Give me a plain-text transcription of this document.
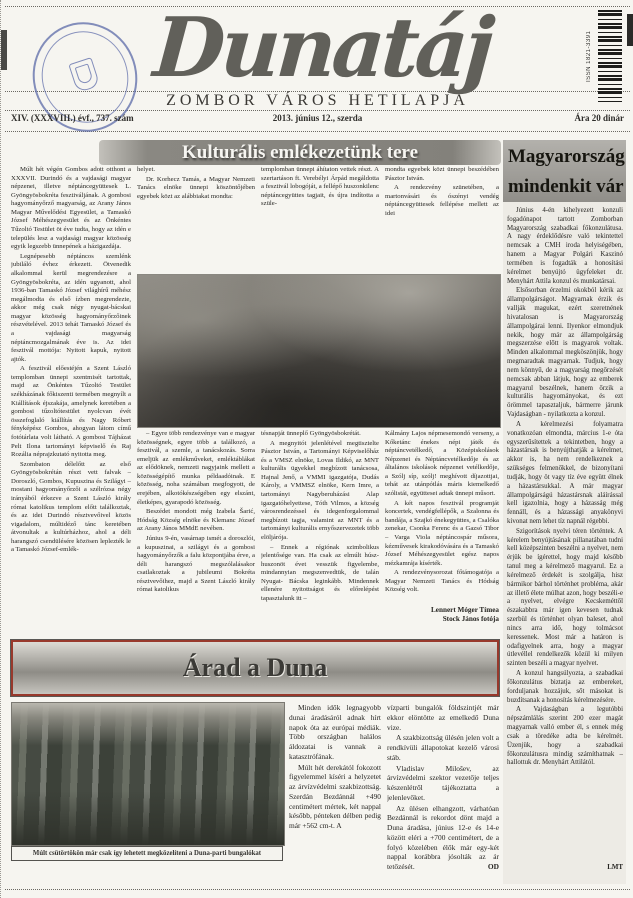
Dunatáj	ISSN 1821-3391
ZOMBOR VÁROS HETILAPJA
XIV. (XXXVIII.) évf., 737. szám	2013. június 12., szerda	Ára 20 dinár
Kulturális emlékezetünk tere

Múlt hét végén Gombos adott otthont a XXXVII. Durindó és a vajdasági magyar népzenei, illetve néptáncegyüttesek L. Gyöngyösbokréta fesztiváljának. A gombosi hagyományőrző magyarság, az Arany János Magyar Művelődési Egyesület, a Tamaskó József Méhészegyesület és az Önkéntes Tűzoltó Testület öt éve tudta, hogy az idén e település lesz a vajdasági magyar közösség egyik legszebb ünnepének a házigazdája.

Legnépesebb néptáncos szemlénk jubiláló évhez érkezett. Ötvenedik alkalommal kerül megrendezésre a Gyöngyösbokréta, az idén ugyanott, ahol 1936-ban Tamaskó József világhírű méhész megálmodta és első ízben megrendezte, akkor még csak négy nyugat-bácskai magyar közösség hagyományőrzőinek részvételével. 2013 tehát Tamaskó József és a vajdasági magyarság néptáncmozgalmának éve is. Az idei fesztivál mottója: Nyitott kapuk, nyitott ajtók.

A fesztivál előestéjén a Szent László templomban ünnepi szentmisét tartottak, majd az Önkéntes Tűzoltó Testület székházának főkiszenti termében megnyílt a Kiállítások éjszakája, amelynek keretében a gombosi tűzoltótestület nyolcvan évét összefoglaló kiállítás és Nagy Róbert fényképész Gombos, ahogyan látom című fotótárlata volt látható. A gombosi Tájházat Pelt Ilona tartományi képviselő és Raj Rozália néprajzkutató nyitotta meg.

Szombaton délelőtt az első Gyöngyösbokrétán részt vett falvak – Doroszló, Gombos, Kupuszina és Szilágyi – mostani hagyományőrzői a szélrózsa négy irányából érkezve a Szent László király római katolikus templom előtt találkoztak, és az idei Durindó résztvevőivel közös vigadalom, múltidéző tánc keretében átvonultak a kultúrházhoz, ahol a déli harangszó csendülésére közösen leplezték le a Tamaskó József-emlék-

helyet.

Dr. Korhecz Tamás, a Magyar Nemzeti Tanács elnöke ünnepi köszöntőjében egyebek közt az alábbiakat mondta:

templomban ünnepi áhítaton vettek részt. A szertartáson ft. Verebélyi Árpád megáldotta a fesztivál lobogóját, a fellépő huszonkilenc néptáncegyüttes tagjait, és újra indította a szüle-

mondta egyebek közt ünnepi beszédében Pásztor István.

A rendezvény szünetében, a martonvásári és ószényi vendég néptáncegyüttesek fellépése mellett az idei

– Egyre több rendezvénye van e magyar közösségnek, egyre több a találkozó, a fesztivál, a szemle, a tanácskozás. Sorra emeljük az emlékműveket, emléktáblákat az elődöknek, nemzeti nagyjaink mellett a közösségépítő munka példaadóinak. E közösség, noha számában megfogyott, de erejében, alkotókészségében egy elszánt, életképes, gyarapodó közösség.

Beszédet mondott még Izabela Šarić, Hódság Község elnöke és Klemanc József az Arany János MMdE nevében.

Június 9-én, vasárnap ismét a doroszlói, a kupuszinai, a szilágyi és a gombosi hagyományőrzők a falu központjába érve, a déli harangszó megszólalásakor csatlakoztak a jubileumi Bokréta résztvevőihez, majd a Szent László király római katolikus

tésnapját ünneplő Gyöngyösbokrétát.

A megnyitót jelenlétével megtisztelte Pásztor István, a Tartományi Képviselőház és a VMSZ elnöke, Lovas Ildikó, az MNT kulturális ügyekkel megbízott tanácsosa, Hajnal Jenő, a VMMI igazgatója, Dudás Károly, a VMMSZ elnöke, Kern Imre, a tartományi Nagyberuházási Alap igazgatóhelyettese, Tóth Vilmos, a község városrendezéssel és idegenforgalommal megbízott tagja, valamint az MNT és a tartományi kulturális ernyőszervezetek több elöljárója.

– Ennek a régiónak szimbolikus jelentősége van. Ha csak az elmúlt húsz- huszonöt évet vesszük figyelembe, mindannyian megszenvedtük, de talán Nyugat- Bácska leginkább. Mindennek ellenére nyitottságot és előrelépést tapasztalunk itt –

Kálmány Lajos népmesemondó verseny, a Kőketánc énekes népi játék és néptáncvetélkedő, a Középiskolások Népzenei és Néptáncvetélkedője és az általános iskolások népzenei vetélkedője, a Szólj síp, szólj! meghívott díjazottjai, tehát az utánpótlás máris kiemelkedő szólistái, együttesei adtak ünnepi műsort.

A két napos fesztivál programját koncertek, vendégfellépők, a Szalonna és bandája, a Szajkó énekegyüttes, a Csalóka zenekar, Csonka Ferenc és a Gazsó Tibor – Varga Viola néptáncospár műsora, kézművesek kirakodóvására és a Tamaskó József Méhészegyesület egész napos mézkamrája kísérték.

A rendezvénysorozat főtámogatója a Magyar Nemzeti Tanács és Hódság Község volt.

Lennert Móger Tímea
Stock János fotója
Magyarország
mindenkit vár

Június 4-én kihelyezett konzuli fogadónapot tartott Zomborban Magyarország szabadkai főkonzulátusa. A nagy érdeklődésre való tekintettel nemcsak a CMH iroda helyiségében, hanem a Magyar Polgári Kaszinó termében is fogadták a honosítási kérelmet benyújtó ügyfeleket dr. Menyhárt Attila konzul és munkatársai.

Elsősorban érzelmi okokból kérik az állampolgárságot. Magyarnak érzik és vallják magukat, ezért szeretnének hivatalosan is Magyarország állampolgárai lenni. Ilyenkor elmondjuk nekik, hogy már az állampolgárság megszerzése előtt is magyarok voltak. Minden alkalommal megköszönjük, hogy megmaradtak magyarnak. Tudjuk, hogy nem könnyű, de a magyarság megőrzését nemcsak abban látjuk, hogy az emberek magyarul beszélnek, hanem őrzik a kulturális hagyományokat, és ezt örömmel tapasztaljuk, bármerre járunk Vajdaságban - nyilatkozta a konzul.

A kérelmezési folyamatra vonatkozóan elmondta, március 1-e óta egyszerűsítettek a tekintetben, hogy a házastársak is benyújthatják a kérelmet, akkor is, ha nem rendelkeznek a szükséges felmenőkkel, de bizonyítani tudják, hogy öt vagy tíz éve együtt élnek a házastársukkal. A már magyar állampolgárságú házastársnak aláírással kell igazolnia, hogy a házasság még fennáll, és a házassági anyakönyvi kivonat nem lehet tíz napnál régebbi.

Szigorítások nyelvi téren történtek. A kérelem benyújtásának pillanatában tudni kell középszinten beszélni a nyelvet, nem érjük be ígérettel, hogy majd később tanul meg a kérelmező magyarul. Ez a kérelmező érdekét is szolgálja, hisz bármikor bárhol történhet probléma, akár az illető élete múlhat azon, hogy beszéli-e a nyelvet, elvégre Kecskeméttől északabbra már igen kevesen tudnak szerbül és történhet olyan baleset, ahol nincs arra idő, hogy tolmácsot keressenek. Most már a határon is odafigyelnek arra, hogy a magyar útlevéllel rendelkezők közül ki milyen szinten beszéli a magyar nyelvet.

A konzul hangsúlyozta, a szabadkai főkonzulátus biztatja az embereket, forduljanak hozzájuk, sőt másokat is buzdítsanak a honosítás kérelmezésére.

A Vajdaságban a legutóbbi népszámlálás szerint 200 ezer magát magyarnak valló ember él, s ennek még csak a töredéke adta be kérelmét. Üzenjük, hogy a szabadkai főkonzulátusra mindig számíthatnak – hallottuk dr. Menyhárt Attilától.

LMT
Árad a Duna
Múlt csütörtökön már csak így lehetett megközelíteni a Duna-parti bungalókat

Minden idők legnagyobb dunai áradásáról adnak hírt napok óta az európai médiák. Több országban halálos áldozatai is vannak a katasztrófának.

Múlt hét derekától fokozott figyelemmel kíséri a helyzetet az árvízvédelmi szakbizottság. Szerdán Bezdánnál +490 centimétert mértek, két nappal később, pénteken délben pedig már +562 cm-t. A

vízparti bungalók földszintjét már ekkor elöntötte az emelkedő Duna vize.

A szakbizottság ülésén jelen volt a rendkívüli állapotokat kezelő városi stáb.

Vladislav Milošev, az árvízvédelmi szektor vezetője teljes készenlétről tájékoztatta a jelenlevőket.

Az ülésen elhangzott, várhatóan Bezdánnál is rekordot dönt majd a Duna áradása, június 12-e és 14-e között eléri a +700 centimétert, de a folyó közelében élők már egy-két nappal korábbra jósolták az ár tetőzését.	OD
